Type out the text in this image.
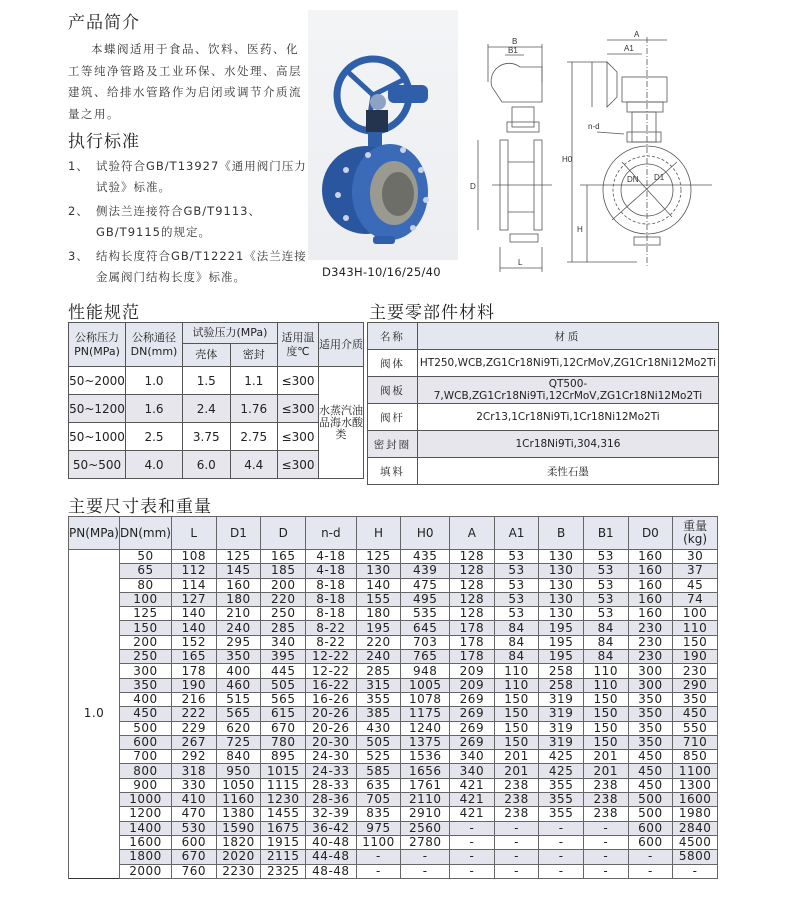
产品简介

本蝶阀适用于食品、饮料、医药、化工等纯净管路及工业环保、水处理、高层建筑、给排水管路作为启闭或调节介质流量之用。

执行标准
1、 试验符合GB/T13927《通用阀门压力试验》标准。
2、 侧法兰连接符合GB/T9113、GB/T9115的规定。
3、 结构长度符合GB/T12221《法兰连接金属阀门结构长度》标准。	D343H-10/16/25/40
B
B1
A
A1
D
L
H0
H
n-d
DN D1
性能规范
公称压力PN(MPa)	公称通径DN(mm)	试验压力(MPa)		适用温度℃	适用介质
		壳体	密封		
50~2000	1.0	1.5	1.1	≤300	水蒸汽油品海水酸类
50~1200	1.6	2.4	1.76	≤300	
50~1000	2.5	3.75	2.75	≤300	
50~500	4.0	6.0	4.4	≤300	
主要零部件材料
名称	材质
阀体	HT250,WCB,ZG1Cr18Ni9Ti,12CrMoV,ZG1Cr18Ni12Mo2Ti
阀板	QT500-7,WCB,ZG1Cr18Ni9Ti,12CrMoV,ZG1Cr18Ni12Mo2Ti
阀杆	2Cr13,1Cr18Ni9Ti,1Cr18Ni12Mo2Ti
密封圈	1Cr18Ni9Ti,304,316
填料	柔性石墨
主要尺寸表和重量
PN(MPa)	DN(mm)	L	D1	D	n-d	H	H0	A	A1	B	B1	D0	重量(kg)
1.0	50	108	125	165	4-18	125	435	128	53	130	53	160	30
	65	112	145	185	4-18	130	439	128	53	130	53	160	37
	80	114	160	200	8-18	140	475	128	53	130	53	160	45
	100	127	180	220	8-18	155	495	128	53	130	53	160	74
	125	140	210	250	8-18	180	535	128	53	130	53	160	100
	150	140	240	285	8-22	195	645	178	84	195	84	230	110
	200	152	295	340	8-22	220	703	178	84	195	84	230	150
	250	165	350	395	12-22	240	765	178	84	195	84	230	190
	300	178	400	445	12-22	285	948	209	110	258	110	300	230
	350	190	460	505	16-22	315	1005	209	110	258	110	300	290
	400	216	515	565	16-26	355	1078	269	150	319	150	350	350
	450	222	565	615	20-26	385	1175	269	150	319	150	350	450
	500	229	620	670	20-26	430	1240	269	150	319	150	350	550
	600	267	725	780	20-30	505	1375	269	150	319	150	350	710
	700	292	840	895	24-30	525	1536	340	201	425	201	450	850
	800	318	950	1015	24-33	585	1656	340	201	425	201	450	1100
	900	330	1050	1115	28-33	635	1761	421	238	355	238	450	1300
	1000	410	1160	1230	28-36	705	2110	421	238	355	238	500	1600
	1200	470	1380	1455	32-39	835	2910	421	238	355	238	500	1980
	1400	530	1590	1675	36-42	975	2560	-	-	-	-	600	2840
	1600	600	1820	1915	40-48	1100	2780	-	-	-	-	600	4500
	1800	670	2020	2115	44-48	-	-	-	-	-	-	-	5800
	2000	760	2230	2325	48-48	-	-	-	-	-	-	-	-
